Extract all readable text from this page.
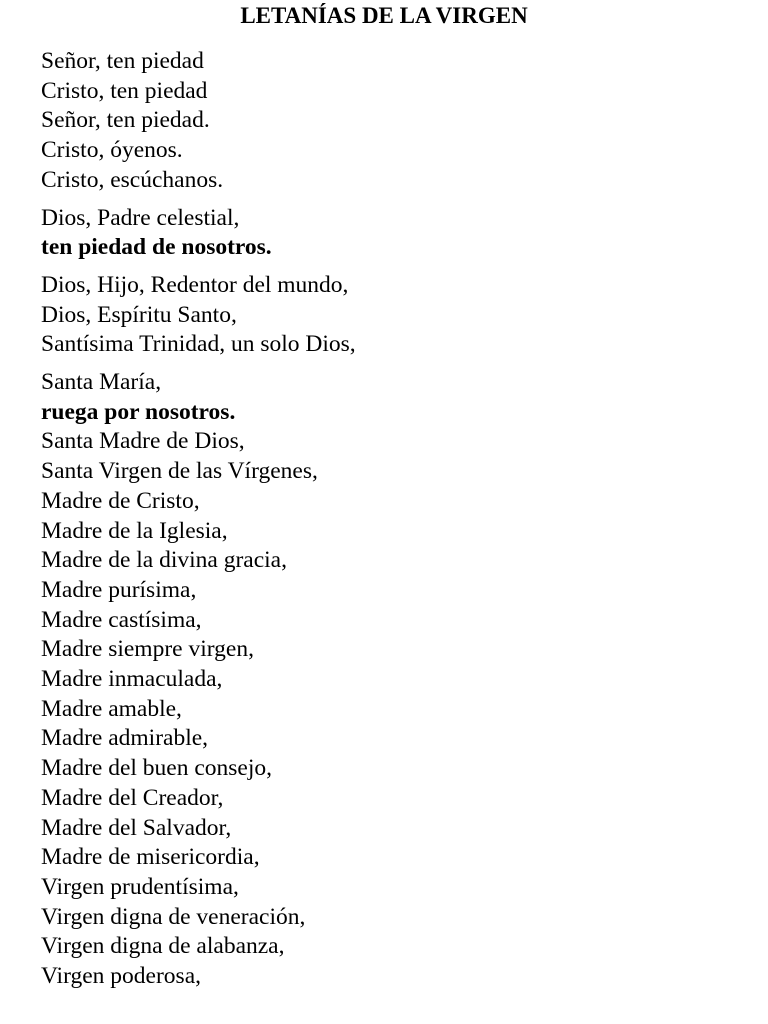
LETANÍAS DE LA VIRGEN
Señor, ten piedad
Cristo, ten piedad
Señor, ten piedad.
Cristo, óyenos.
Cristo, escúchanos.
Dios, Padre celestial,
ten piedad de nosotros.
Dios, Hijo, Redentor del mundo,
Dios, Espíritu Santo,
Santísima Trinidad, un solo Dios,
Santa María,
ruega por nosotros.
Santa Madre de Dios,
Santa Virgen de las Vírgenes,
Madre de Cristo,
Madre de la Iglesia,
Madre de la divina gracia,
Madre purísima,
Madre castísima,
Madre siempre virgen,
Madre inmaculada,
Madre amable,
Madre admirable,
Madre del buen consejo,
Madre del Creador,
Madre del Salvador,
Madre de misericordia,
Virgen prudentísima,
Virgen digna de veneración,
Virgen digna de alabanza,
Virgen poderosa,
